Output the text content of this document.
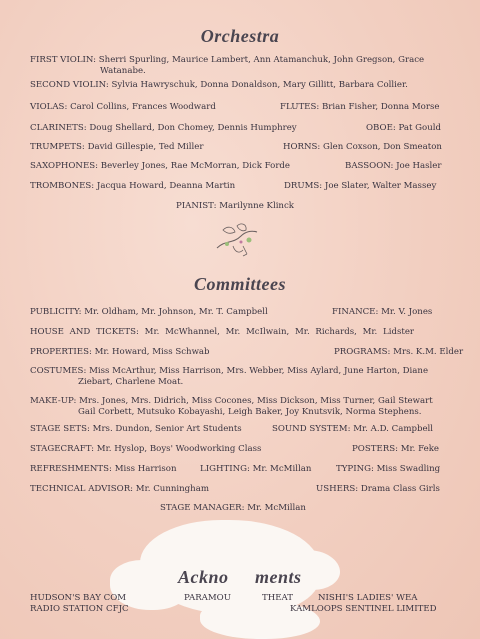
Orchestra
FIRST VIOLIN: Sherri Spurling, Maurice Lambert, Ann Atamanchuk, John Gregson, Grace
Watanabe.
SECOND VIOLIN: Sylvia Hawryschuk, Donna Donaldson, Mary Gillitt, Barbara Collier.
VIOLAS: Carol Collins, Frances Woodward	FLUTES: Brian Fisher, Donna Morse
CLARINETS: Doug Shellard, Don Chomey, Dennis Humphrey	OBOE: Pat Gould
TRUMPETS: David Gillespie, Ted Miller	HORNS: Glen Coxson, Don Smeaton
SAXOPHONES: Beverley Jones, Rae McMorran, Dick Forde	BASSOON: Joe Hasler
TROMBONES: Jacqua Howard, Deanna Martin	DRUMS: Joe Slater, Walter Massey
PIANIST: Marilynne Klinck
Committees
PUBLICITY: Mr. Oldham, Mr. Johnson, Mr. T. Campbell	FINANCE: Mr. V. Jones
HOUSE AND TICKETS: Mr. McWhannel, Mr. McIlwain, Mr. Richards, Mr. Lidster
PROPERTIES: Mr. Howard, Miss Schwab	PROGRAMS: Mrs. K.M. Elder
COSTUMES: Miss McArthur, Miss Harrison, Mrs. Webber, Miss Aylard, June Harton, Diane
Ziebart, Charlene Moat.
MAKE-UP: Mrs. Jones, Mrs. Didrich, Miss Cocones, Miss Dickson, Miss Turner, Gail Stewart
Gail Corbett, Mutsuko Kobayashi, Leigh Baker, Joy Knutsvik, Norma Stephens.
STAGE SETS: Mrs. Dundon, Senior Art Students	SOUND SYSTEM: Mr. A.D. Campbell
STAGECRAFT: Mr. Hyslop, Boys' Woodworking Class	POSTERS: Mr. Feke
REFRESHMENTS: Miss Harrison	LIGHTING: Mr. McMillan	TYPING: Miss Swadling
TECHNICAL ADVISOR: Mr. Cunningham	USHERS: Drama Class Girls
STAGE MANAGER: Mr. McMillan
Ackno ments
HUDSON'S BAY COM	PARAMOU	THEAT	NISHI'S LADIES' WEA
RADIO STATION CFJC	KAMLOOPS SENTINEL LIMITED
